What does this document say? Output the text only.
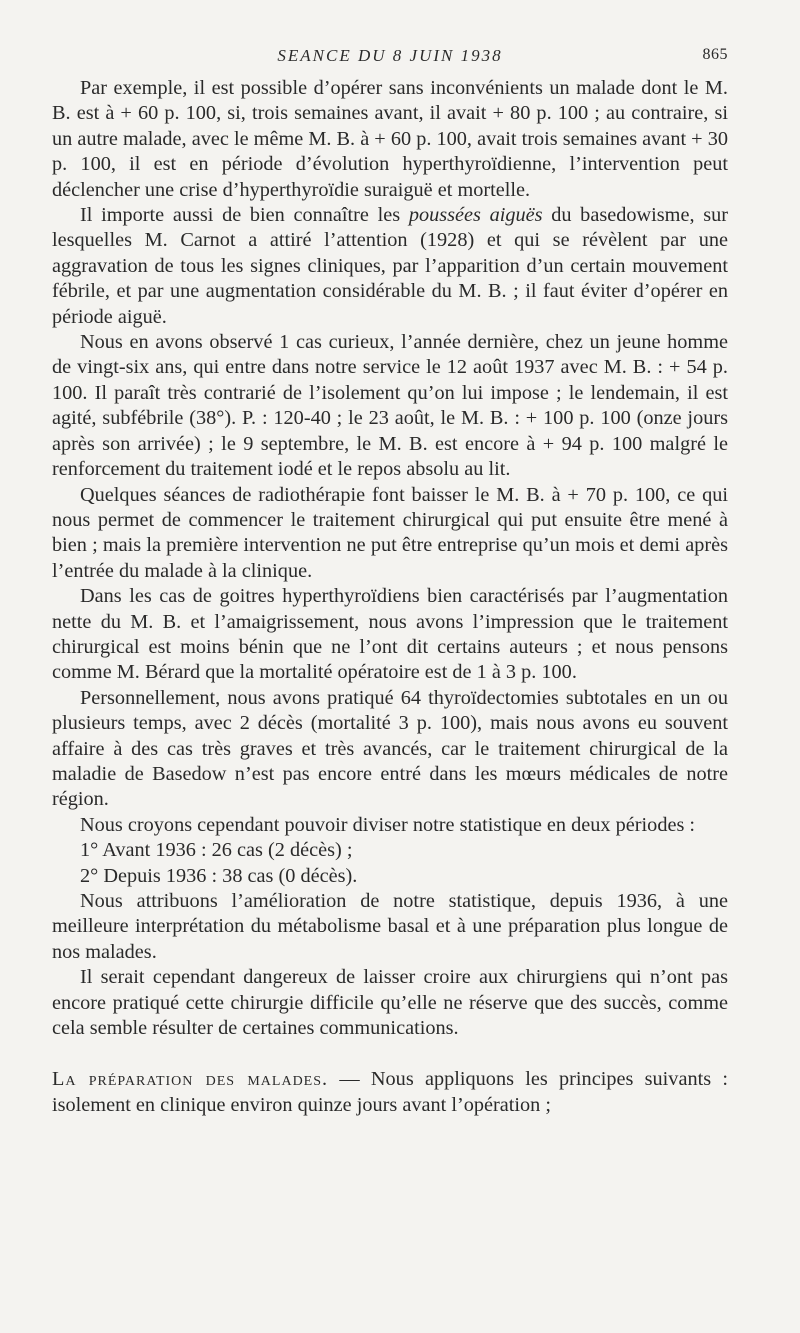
SEANCE DU 8 JUIN 1938	865

Par exemple, il est possible d’opérer sans inconvénients un malade dont le M. B. est à + 60 p. 100, si, trois semaines avant, il avait + 80 p. 100 ; au contraire, si un autre malade, avec le même M. B. à + 60 p. 100, avait trois semaines avant + 30 p. 100, il est en période d’évolution hyperthyroïdienne, l’intervention peut déclencher une crise d’hyperthyroïdie suraiguë et mortelle.

Il importe aussi de bien connaître les poussées aiguës du basedowisme, sur lesquelles M. Carnot a attiré l’attention (1928) et qui se révèlent par une aggravation de tous les signes cliniques, par l’apparition d’un certain mouvement fébrile, et par une augmentation considérable du M. B. ; il faut éviter d’opérer en période aiguë.

Nous en avons observé 1 cas curieux, l’année dernière, chez un jeune homme de vingt-six ans, qui entre dans notre service le 12 août 1937 avec M. B. : + 54 p. 100. Il paraît très contrarié de l’isolement qu’on lui impose ; le lendemain, il est agité, subfébrile (38°). P. : 120-40 ; le 23 août, le M. B. : + 100 p. 100 (onze jours après son arrivée) ; le 9 septembre, le M. B. est encore à + 94 p. 100 malgré le renforcement du traitement iodé et le repos absolu au lit.

Quelques séances de radiothérapie font baisser le M. B. à + 70 p. 100, ce qui nous permet de commencer le traitement chirurgical qui put ensuite être mené à bien ; mais la première intervention ne put être entreprise qu’un mois et demi après l’entrée du malade à la clinique.

Dans les cas de goitres hyperthyroïdiens bien caractérisés par l’augmentation nette du M. B. et l’amaigrissement, nous avons l’impression que le traitement chirurgical est moins bénin que ne l’ont dit certains auteurs ; et nous pensons comme M. Bérard que la mortalité opératoire est de 1 à 3 p. 100.

Personnellement, nous avons pratiqué 64 thyroïdectomies subtotales en un ou plusieurs temps, avec 2 décès (mortalité 3 p. 100), mais nous avons eu souvent affaire à des cas très graves et très avancés, car le traitement chirurgical de la maladie de Basedow n’est pas encore entré dans les mœurs médicales de notre région.

Nous croyons cependant pouvoir diviser notre statistique en deux périodes :

1° Avant 1936 : 26 cas (2 décès) ;

2° Depuis 1936 : 38 cas (0 décès).

Nous attribuons l’amélioration de notre statistique, depuis 1936, à une meilleure interprétation du métabolisme basal et à une préparation plus longue de nos malades.

Il serait cependant dangereux de laisser croire aux chirurgiens qui n’ont pas encore pratiqué cette chirurgie difficile qu’elle ne réserve que des succès, comme cela semble résulter de certaines communications.

La préparation des malades. — Nous appliquons les principes suivants : isolement en clinique environ quinze jours avant l’opération ;
